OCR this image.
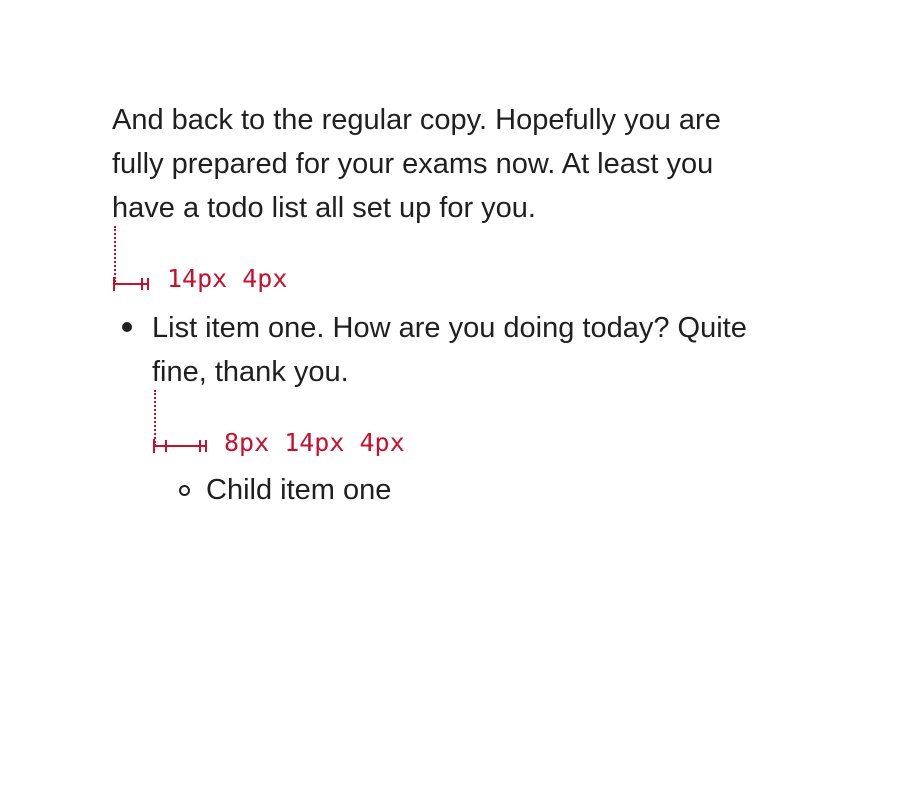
And back to the regular copy. Hopefully you are fully prepared for your exams now. At least you have a todo list all set up for you.

14px 4px

List item one. How are you doing today? Quite fine, thank you.

8px 14px 4px

Child item one
